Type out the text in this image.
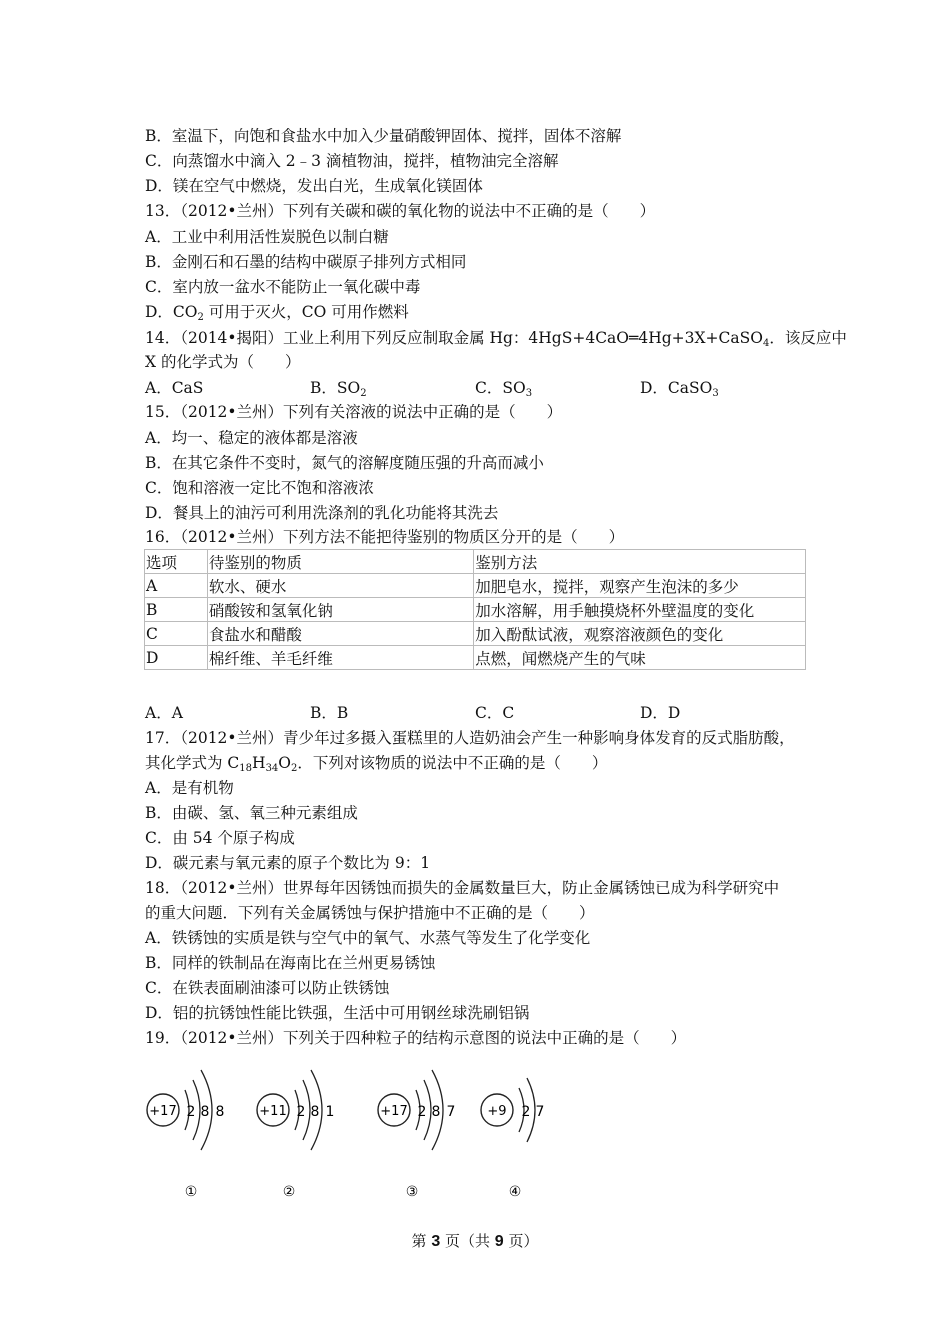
B．室温下，向饱和食盐水中加入少量硝酸钾固体、搅拌，固体不溶解
C．向蒸馏水中滴入 2﹣3 滴植物油，搅拌，植物油完全溶解
D．镁在空气中燃烧，发出白光，生成氧化镁固体
13．（2012•兰州）下列有关碳和碳的氧化物的说法中不正确的是（　　）
A．工业中利用活性炭脱色以制白糖
B．金刚石和石墨的结构中碳原子排列方式相同
C．室内放一盆水不能防止一氧化碳中毒
D．$CO_2$ 可用于灭火，CO 可用作燃料
14．（2014•揭阳）工业上利用下列反应制取金属 Hg：4HgS+4CaO═4Hg+3X+CaSO$_4$．该反应中
X 的化学式为（　　）
A．CaS	B．$SO_2$	C．$SO_3$	D．CaSO$_3$
15．（2012•兰州）下列有关溶液的说法中正确的是（　　）
A．均一、稳定的液体都是溶液
B．在其它条件不变时，氮气的溶解度随压强的升高而减小
C．饱和溶液一定比不饱和溶液浓
D．餐具上的油污可利用洗涤剂的乳化功能将其洗去
16．（2012•兰州）下列方法不能把待鉴别的物质区分开的是（　　）
选项	待鉴别的物质	鉴别方法
A	软水、硬水	加肥皂水，搅拌，观察产生泡沫的多少
B	硝酸铵和氢氧化钠	加水溶解，用手触摸烧杯外壁温度的变化
C	食盐水和醋酸	加入酚酞试液，观察溶液颜色的变化
D	棉纤维、羊毛纤维	点燃，闻燃烧产生的气味
A．A	B．B	C．C	D．D
17．（2012•兰州）青少年过多摄入蛋糕里的人造奶油会产生一种影响身体发育的反式脂肪酸，
其化学式为 $C_{18}H_{34}O_2$．下列对该物质的说法中不正确的是（　　）
A．是有机物
B．由碳、氢、氧三种元素组成
C．由 54 个原子构成
D．碳元素与氧元素的原子个数比为 9：1
18．（2012•兰州）世界每年因锈蚀而损失的金属数量巨大，防止金属锈蚀已成为科学研究中
的重大问题．下列有关金属锈蚀与保护措施中不正确的是（　　）
A．铁锈蚀的实质是铁与空气中的氧气、水蒸气等发生了化学变化
B．同样的铁制品在海南比在兰州更易锈蚀
C．在铁表面刷油漆可以防止铁锈蚀
D．铝的抗锈蚀性能比铁强，生活中可用钢丝球洗刷铝锅
19．（2012•兰州）下列关于四种粒子的结构示意图的说法中正确的是（　　）
+17 2 8 8
①
+11 2 8 1
②
+17 2 8 7
③
+9 2 7
④
第 3 页（共 9 页）
